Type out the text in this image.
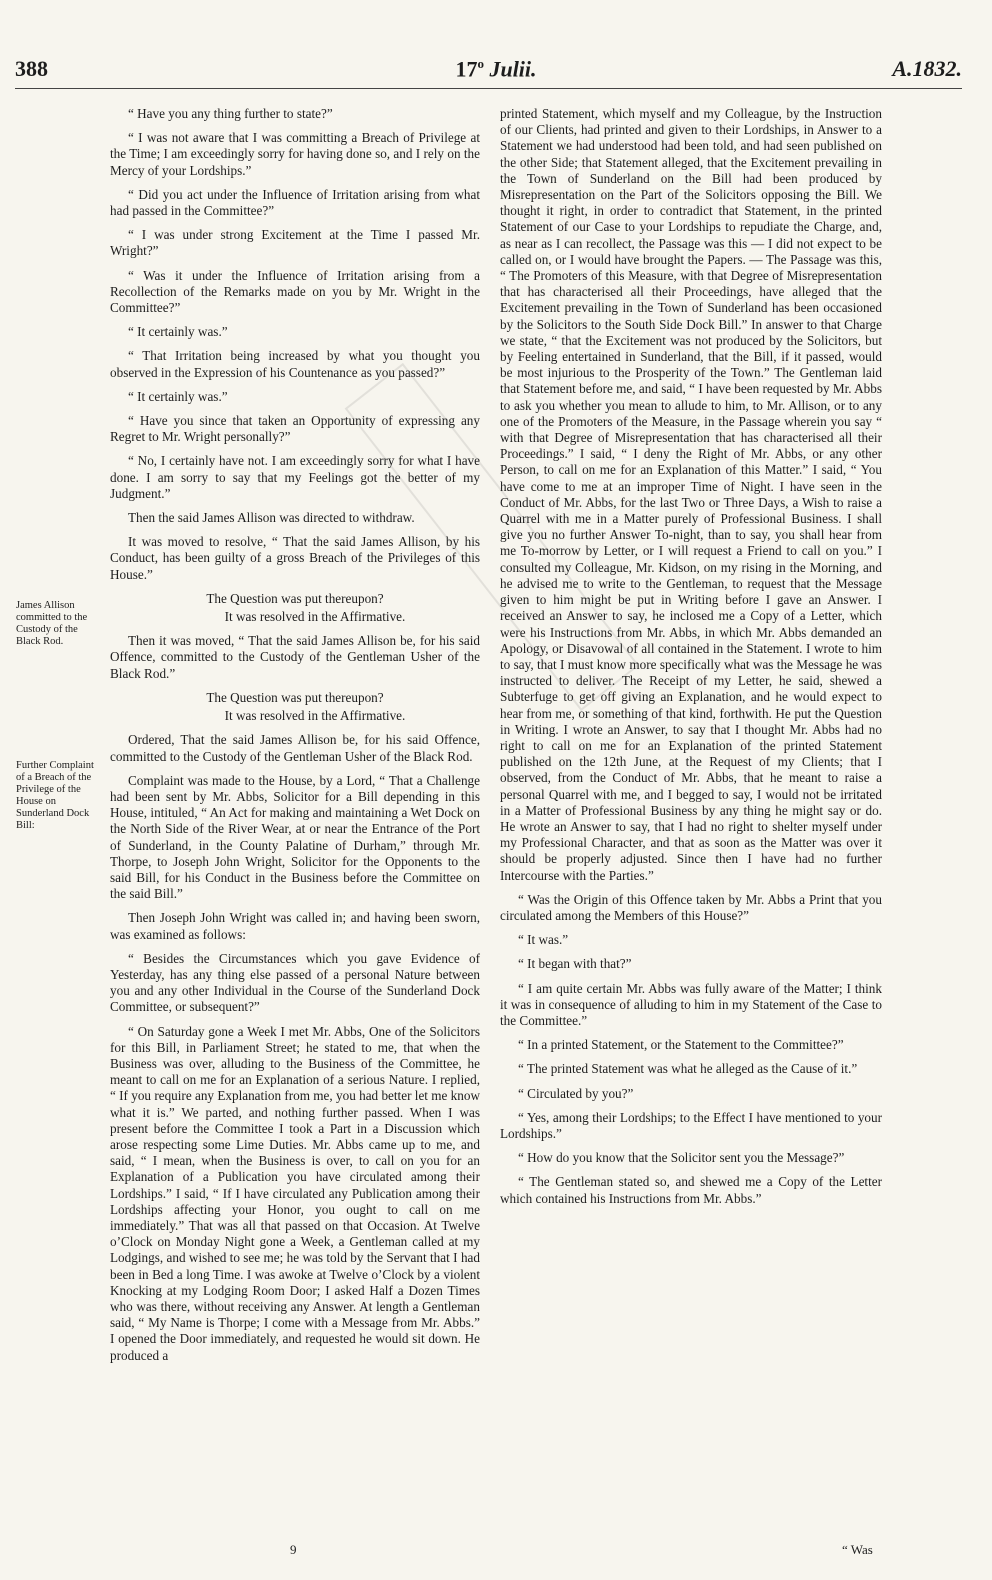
388	17$^o$ Julii.	A.1832.
James Allison committed to the Custody of the Black Rod.
Further Complaint of a Breach of the Privilege of the House on Sunderland Dock Bill:

“ Have you any thing further to state?”

“ I was not aware that I was committing a Breach of Privilege at the Time; I am exceedingly sorry for having done so, and I rely on the Mercy of your Lordships.”

“ Did you act under the Influence of Irritation arising from what had passed in the Committee?”

“ I was under strong Excitement at the Time I passed Mr. Wright?”

“ Was it under the Influence of Irritation arising from a Recollection of the Remarks made on you by Mr. Wright in the Committee?”

“ It certainly was.”

“ That Irritation being increased by what you thought you observed in the Expression of his Countenance as you passed?”

“ It certainly was.”

“ Have you since that taken an Opportunity of expressing any Regret to Mr. Wright personally?”

“ No, I certainly have not. I am exceedingly sorry for what I have done. I am sorry to say that my Feelings got the better of my Judgment.”

Then the said James Allison was directed to withdraw.

It was moved to resolve, “ That the said James Allison, by his Conduct, has been guilty of a gross Breach of the Privileges of this House.”

The Question was put thereupon?

It was resolved in the Affirmative.

Then it was moved, “ That the said James Allison be, for his said Offence, committed to the Custody of the Gentleman Usher of the Black Rod.”

The Question was put thereupon?

It was resolved in the Affirmative.

Ordered, That the said James Allison be, for his said Offence, committed to the Custody of the Gentleman Usher of the Black Rod.

Complaint was made to the House, by a Lord, “ That a Challenge had been sent by Mr. Abbs, Solicitor for a Bill depending in this House, intituled, “ An Act for making and maintaining a Wet Dock on the North Side of the River Wear, at or near the Entrance of the Port of Sunderland, in the County Palatine of Durham,” through Mr. Thorpe, to Joseph John Wright, Solicitor for the Opponents to the said Bill, for his Conduct in the Business before the Committee on the said Bill.”

Then Joseph John Wright was called in; and having been sworn, was examined as follows:

“ Besides the Circumstances which you gave Evidence of Yesterday, has any thing else passed of a personal Nature between you and any other Individual in the Course of the Sunderland Dock Committee, or subsequent?”

“ On Saturday gone a Week I met Mr. Abbs, One of the Solicitors for this Bill, in Parliament Street; he stated to me, that when the Business was over, alluding to the Business of the Committee, he meant to call on me for an Explanation of a serious Nature. I replied, “ If you require any Explanation from me, you had better let me know what it is.” We parted, and nothing further passed. When I was present before the Committee I took a Part in a Discussion which arose respecting some Lime Duties. Mr. Abbs came up to me, and said, “ I mean, when the Business is over, to call on you for an Explanation of a Publication you have circulated among their Lordships.” I said, “ If I have circulated any Publication among their Lordships affecting your Honor, you ought to call on me immediately.” That was all that passed on that Occasion. At Twelve o’Clock on Monday Night gone a Week, a Gentleman called at my Lodgings, and wished to see me; he was told by the Servant that I had been in Bed a long Time. I was awoke at Twelve o’Clock by a violent Knocking at my Lodging Room Door; I asked Half a Dozen Times who was there, without receiving any Answer. At length a Gentleman said, “ My Name is Thorpe; I come with a Message from Mr. Abbs.” I opened the Door immediately, and requested he would sit down. He produced a

printed Statement, which myself and my Colleague, by the Instruction of our Clients, had printed and given to their Lordships, in Answer to a Statement we had understood had been told, and had seen published on the other Side; that Statement alleged, that the Excitement prevailing in the Town of Sunderland on the Bill had been produced by Misrepresentation on the Part of the Solicitors opposing the Bill. We thought it right, in order to contradict that Statement, in the printed Statement of our Case to your Lordships to repudiate the Charge, and, as near as I can recollect, the Passage was this — I did not expect to be called on, or I would have brought the Papers. — The Passage was this, “ The Promoters of this Measure, with that Degree of Misrepresentation that has characterised all their Proceedings, have alleged that the Excitement prevailing in the Town of Sunderland has been occasioned by the Solicitors to the South Side Dock Bill.” In answer to that Charge we state, “ that the Excitement was not produced by the Solicitors, but by Feeling entertained in Sunderland, that the Bill, if it passed, would be most injurious to the Prosperity of the Town.” The Gentleman laid that Statement before me, and said, “ I have been requested by Mr. Abbs to ask you whether you mean to allude to him, to Mr. Allison, or to any one of the Promoters of the Measure, in the Passage wherein you say “ with that Degree of Misrepresentation that has characterised all their Proceedings.” I said, “ I deny the Right of Mr. Abbs, or any other Person, to call on me for an Explanation of this Matter.” I said, “ You have come to me at an improper Time of Night. I have seen in the Conduct of Mr. Abbs, for the last Two or Three Days, a Wish to raise a Quarrel with me in a Matter purely of Professional Business. I shall give you no further Answer To-night, than to say, you shall hear from me To-morrow by Letter, or I will request a Friend to call on you.” I consulted my Colleague, Mr. Kidson, on my rising in the Morning, and he advised me to write to the Gentleman, to request that the Message given to him might be put in Writing before I gave an Answer. I received an Answer to say, he inclosed me a Copy of a Letter, which were his Instructions from Mr. Abbs, in which Mr. Abbs demanded an Apology, or Disavowal of all contained in the Statement. I wrote to him to say, that I must know more specifically what was the Message he was instructed to deliver. The Receipt of my Letter, he said, shewed a Subterfuge to get off giving an Explanation, and he would expect to hear from me, or something of that kind, forthwith. He put the Question in Writing. I wrote an Answer, to say that I thought Mr. Abbs had no right to call on me for an Explanation of the printed Statement published on the 12th June, at the Request of my Clients; that I observed, from the Conduct of Mr. Abbs, that he meant to raise a personal Quarrel with me, and I begged to say, I would not be irritated in a Matter of Professional Business by any thing he might say or do. He wrote an Answer to say, that I had no right to shelter myself under my Professional Character, and that as soon as the Matter was over it should be properly adjusted. Since then I have had no further Intercourse with the Parties.”

“ Was the Origin of this Offence taken by Mr. Abbs a Print that you circulated among the Members of this House?”

“ It was.”

“ It began with that?”

“ I am quite certain Mr. Abbs was fully aware of the Matter; I think it was in consequence of alluding to him in my Statement of the Case to the Committee.”

“ In a printed Statement, or the Statement to the Committee?”

“ The printed Statement was what he alleged as the Cause of it.”

“ Circulated by you?”

“ Yes, among their Lordships; to the Effect I have mentioned to your Lordships.”

“ How do you know that the Solicitor sent you the Message?”

“ The Gentleman stated so, and shewed me a Copy of the Letter which contained his Instructions from Mr. Abbs.”

9	“ Was
